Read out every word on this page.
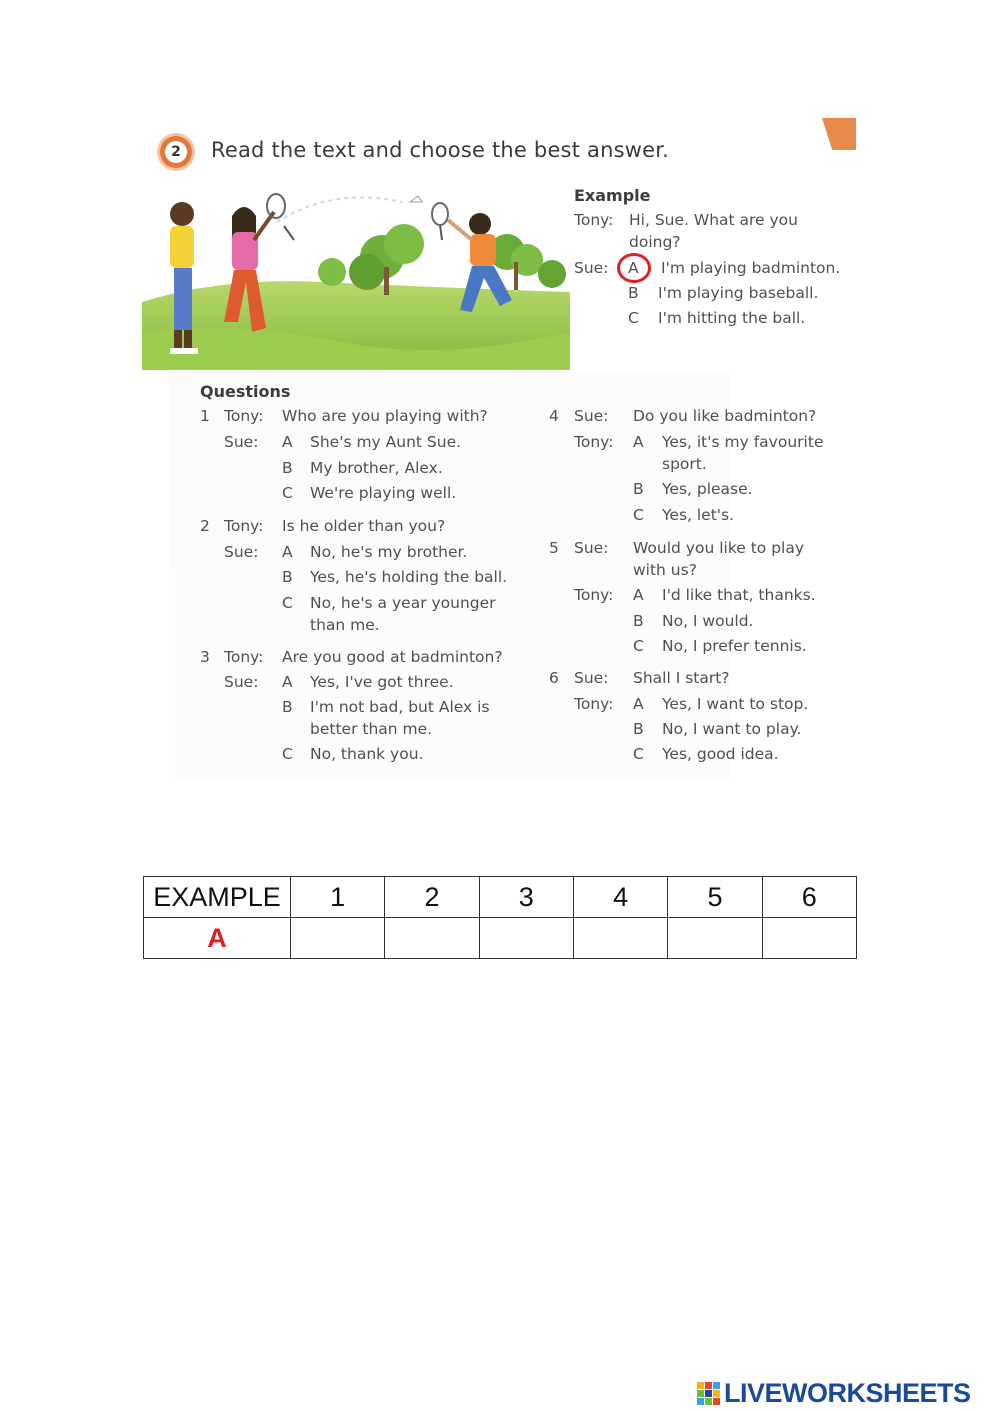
2 Read the text and choose the best answer.
Example
Tony: Hi, Sue. What are you
doing?
Sue: A I'm playing badminton.
B I'm playing baseball.
C I'm hitting the ball.
Questions
1 Tony: Who are you playing with?
Sue: A She's my Aunt Sue.
B My brother, Alex.
C We're playing well.
2 Tony: Is he older than you?
Sue: A No, he's my brother.
B Yes, he's holding the ball.
C No, he's a year younger
than me.
3 Tony: Are you good at badminton?
Sue: A Yes, I've got three.
B I'm not bad, but Alex is
better than me.
C No, thank you.
4 Sue: Do you like badminton?
Tony: A Yes, it's my favourite
sport.
B Yes, please.
C Yes, let's.
5 Sue: Would you like to play
with us?
Tony: A I'd like that, thanks.
B No, I would.
C No, I prefer tennis.
6 Sue: Shall I start?
Tony: A Yes, I want to stop.
B No, I want to play.
C Yes, good idea.
EXAMPLE	1	2	3	4	5	6
A						
LIVEWORKSHEETS
